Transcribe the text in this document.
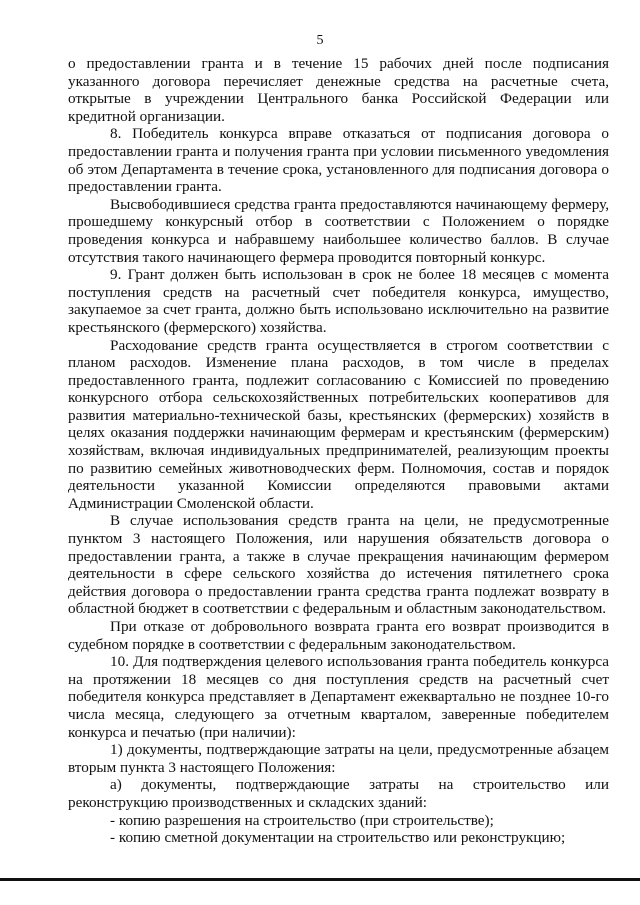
5

о предоставлении гранта и в течение 15 рабочих дней после подписания указанного договора перечисляет денежные средства на расчетные счета, открытые в учреждении Центрального банка Российской Федерации или кредитной организации.

8. Победитель конкурса вправе отказаться от подписания договора о предоставлении гранта и получения гранта при условии письменного уведомления об этом Департамента в течение срока, установленного для подписания договора о предоставлении гранта.

Высвободившиеся средства гранта предоставляются начинающему фермеру, прошедшему конкурсный отбор в соответствии с Положением о порядке проведения конкурса и набравшему наибольшее количество баллов. В случае отсутствия такого начинающего фермера проводится повторный конкурс.

9. Грант должен быть использован в срок не более 18 месяцев с момента поступления средств на расчетный счет победителя конкурса, имущество, закупаемое за счет гранта, должно быть использовано исключительно на развитие крестьянского (фермерского) хозяйства.

Расходование средств гранта осуществляется в строгом соответствии с планом расходов. Изменение плана расходов, в том числе в пределах предоставленного гранта, подлежит согласованию с Комиссией по проведению конкурсного отбора сельскохозяйственных потребительских кооперативов для развития материально-технической базы, крестьянских (фермерских) хозяйств в целях оказания поддержки начинающим фермерам и крестьянским (фермерским) хозяйствам, включая индивидуальных предпринимателей, реализующим проекты по развитию семейных животноводческих ферм. Полномочия, состав и порядок деятельности указанной Комиссии определяются правовыми актами Администрации Смоленской области.

В случае использования средств гранта на цели, не предусмотренные пунктом 3 настоящего Положения, или нарушения обязательств договора о предоставлении гранта, а также в случае прекращения начинающим фермером деятельности в сфере сельского хозяйства до истечения пятилетнего срока действия договора о предоставлении гранта средства гранта подлежат возврату в областной бюджет в соответствии с федеральным и областным законодательством.

При отказе от добровольного возврата гранта его возврат производится в судебном порядке в соответствии с федеральным законодательством.

10. Для подтверждения целевого использования гранта победитель конкурса на протяжении 18 месяцев со дня поступления средств на расчетный счет победителя конкурса представляет в Департамент ежеквартально не позднее 10-го числа месяца, следующего за отчетным кварталом, заверенные победителем конкурса и печатью (при наличии):

1) документы, подтверждающие затраты на цели, предусмотренные абзацем вторым пункта 3 настоящего Положения:

а) документы, подтверждающие затраты на строительство или реконструкцию производственных и складских зданий:

- копию разрешения на строительство (при строительстве);

- копию сметной документации на строительство или реконструкцию;
